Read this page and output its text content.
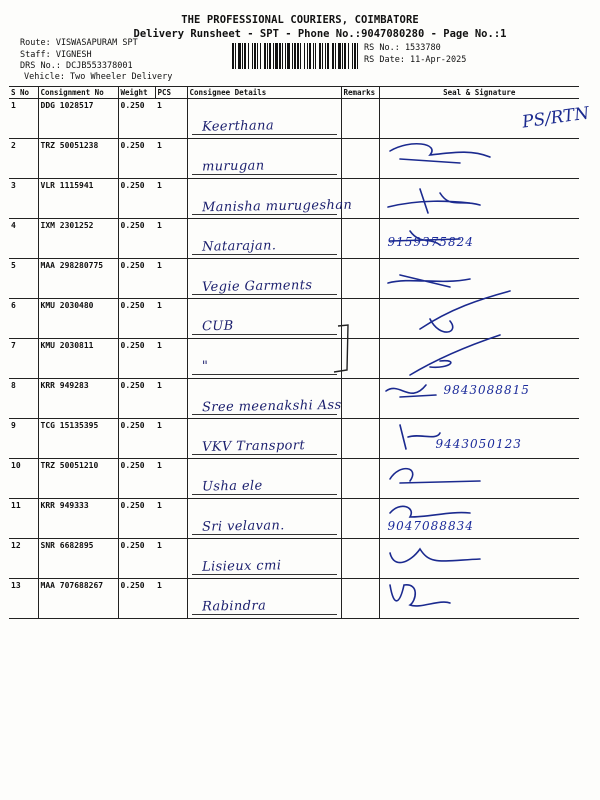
THE PROFESSIONAL COURIERS, COIMBATORE
Delivery Runsheet - SPT - Phone No.:9047080280 - Page No.:1
Route: VISWASAPURAM SPT
Staff: VIGNESH
DRS No.: DCJB553378001
Vehicle: Two Wheeler Delivery
RS No.: 1533780
RS Date: 11-Apr-2025
S No	Consignment No	Weight	PCS	Consignee Details	Remarks	Seal & Signature
1	DDG 1028517	0.250	1	Keerthana		

2	TRZ 50051238	0.250	1	murugan

3	VLR 1115941	0.250	1	Manisha murugeshan

4	IXM 2301252	0.250	1	Natarajan.		9159375824

5	MAA 298280775	0.250	1	Vegie Garments

6	KMU 2030480	0.250	1	CUB

7	KMU 2030811	0.250	1	"

8	KRR 949283	0.250	1	Sree meenakshi Ass		9843088815

9	TCG 15135395	0.250	1	VKV Transport		9443050123

10	TRZ 50051210	0.250	1	Usha ele

11	KRR 949333	0.250	1	Sri velavan.		9047088834

12	SNR 6682895	0.250	1	Lisieux cmi

13	MAA 707688267	0.250	1	Rabindra

PS/RTN
